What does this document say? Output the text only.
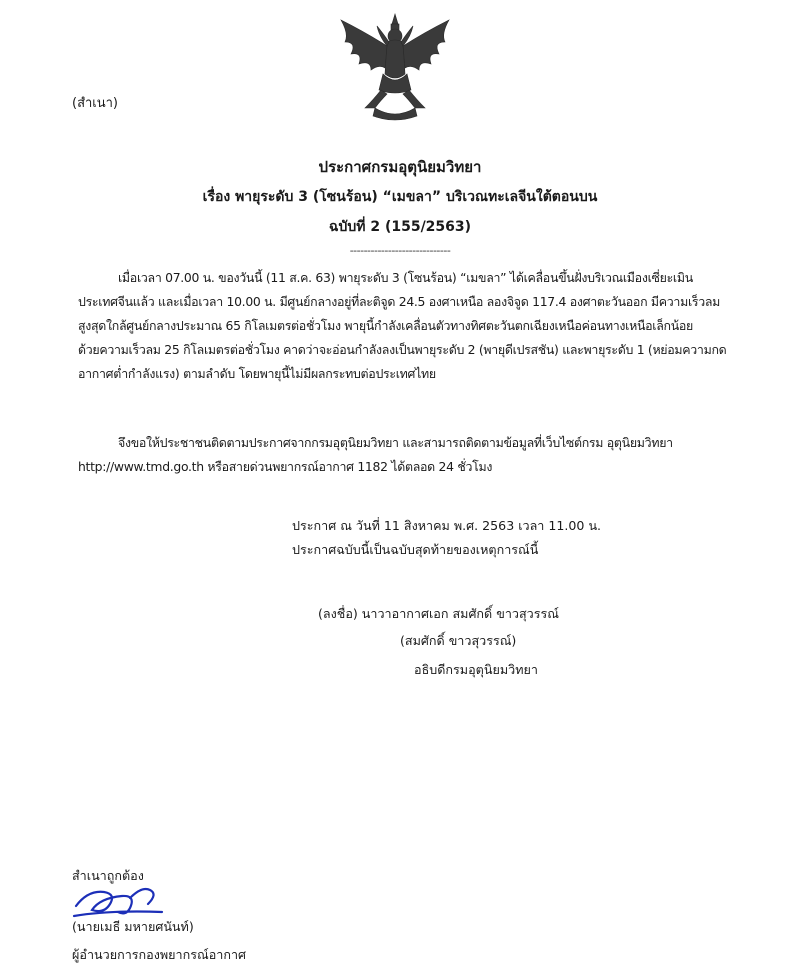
(สำเนา)
ประกาศกรมอุตุนิยมวิทยา
เรื่อง พายุระดับ 3 (โซนร้อน) “เมขลา” บริเวณทะเลจีนใต้ตอนบน
ฉบับที่ 2 (155/2563)
-----------------------------
เมื่อเวลา 07.00 น. ของวันนี้ (11 ส.ค. 63) พายุระดับ 3 (โซนร้อน) “เมขลา” ได้เคลื่อนขึ้นฝั่งบริเวณเมืองเซี่ยะเมิน
ประเทศจีนแล้ว และเมื่อเวลา 10.00 น. มีศูนย์กลางอยู่ที่ละติจูด 24.5 องศาเหนือ ลองจิจูด 117.4 องศาตะวันออก มีความเร็วลม
สูงสุดใกล้ศูนย์กลางประมาณ 65 กิโลเมตรต่อชั่วโมง พายุนี้กำลังเคลื่อนตัวทางทิศตะวันตกเฉียงเหนือค่อนทางเหนือเล็กน้อย
ด้วยความเร็วลม 25 กิโลเมตรต่อชั่วโมง คาดว่าจะอ่อนกำลังลงเป็นพายุระดับ 2 (พายุดีเปรสชัน) และพายุระดับ 1 (หย่อมความกด
อากาศต่ำกำลังแรง) ตามลำดับ โดยพายุนี้ไม่มีผลกระทบต่อประเทศไทย
จึงขอให้ประชาชนติดตามประกาศจากกรมอุตุนิยมวิทยา และสามารถติดตามข้อมูลที่เว็บไซต์กรม อุตุนิยมวิทยา
http://www.tmd.go.th หรือสายด่วนพยากรณ์อากาศ 1182 ได้ตลอด 24 ชั่วโมง
ประกาศ ณ วันที่ 11 สิงหาคม พ.ศ. 2563 เวลา 11.00 น.
ประกาศฉบับนี้เป็นฉบับสุดท้ายของเหตุการณ์นี้
(ลงชื่อ) นาวาอากาศเอก สมศักดิ์ ขาวสุวรรณ์
(สมศักดิ์ ขาวสุวรรณ์)
อธิบดีกรมอุตุนิยมวิทยา
สำเนาถูกต้อง
(นายเมธี มหายศนันท์)
ผู้อำนวยการกองพยากรณ์อากาศ
